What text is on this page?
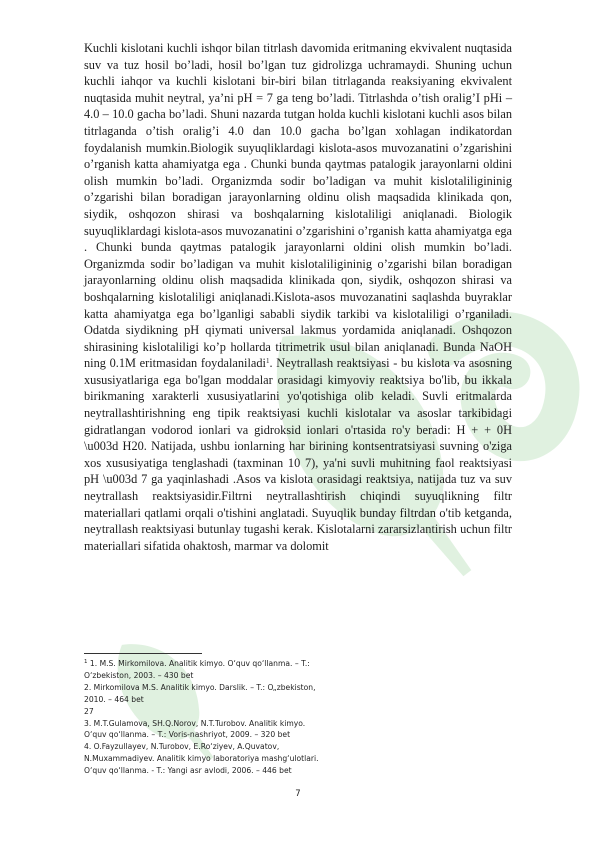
Kuchli kislotani kuchli ishqor bilan titrlash davomida eritmaning ekvivalent nuqtasida suv va tuz hosil bo’ladi, hosil bo’lgan tuz gidrolizga uchramaydi. Shuning uchun kuchli iahqor va kuchli kislotani bir-biri bilan titrlaganda reaksiyaning ekvivalent nuqtasida muhit neytral, ya’ni pH = 7 ga teng bo’ladi. Titrlashda o’tish oralig’I pHi – 4.0 – 10.0 gacha bo’ladi. Shuni nazarda tutgan holda kuchli kislotani kuchli asos bilan titrlaganda o’tish oralig’i 4.0 dan 10.0 gacha bo’lgan xohlagan indikatordan foydalanish mumkin.Biologik suyuqliklardagi kislota-asos muvozanatini o’zgarishini o’rganish katta ahamiyatga ega . Chunki bunda qaytmas patalogik jarayonlarni oldini olish mumkin bo’ladi. Organizmda sodir bo’ladigan va muhit kislotaliligininig o’zgarishi bilan boradigan jarayonlarning oldinu olish maqsadida klinikada qon, siydik, oshqozon shirasi va boshqalarning kislotaliligi aniqlanadi. Biologik suyuqliklardagi kislota-asos muvozanatini o’zgarishini o’rganish katta ahamiyatga ega . Chunki bunda qaytmas patalogik jarayonlarni oldini olish mumkin bo’ladi. Organizmda sodir bo’ladigan va muhit kislotaliligininig o’zgarishi bilan boradigan jarayonlarning oldinu olish maqsadida klinikada qon, siydik, oshqozon shirasi va boshqalarning kislotaliligi aniqlanadi.Kislota-asos muvozanatini saqlashda buyraklar katta ahamiyatga ega bo’lganligi sababli siydik tarkibi va kislotaliligi o’rganiladi. Odatda siydikning pH qiymati universal lakmus yordamida aniqlanadi. Oshqozon shirasining kislotaliligi ko’p hollarda titrimetrik usul bilan aniqlanadi. Bunda NaOH ning 0.1M eritmasidan foydalaniladi$^1$. Neytrallash reaktsiyasi - bu kislota va asosning xususiyatlariga ega bo'lgan moddalar orasidagi kimyoviy reaktsiya bo'lib, bu ikkala birikmaning xarakterli xususiyatlarini yo'qotishiga olib keladi. Suvli eritmalarda neytrallashtirishning eng tipik reaktsiyasi kuchli kislotalar va asoslar tarkibidagi gidratlangan vodorod ionlari va gidroksid ionlari o'rtasida ro'y beradi: H + + 0H \u003d H20. Natijada, ushbu ionlarning har birining kontsentratsiyasi suvning o'ziga xos xususiyatiga tenglashadi (taxminan 10 7), ya'ni suvli muhitning faol reaktsiyasi pH \u003d 7 ga yaqinlashadi .Asos va kislota orasidagi reaktsiya, natijada tuz va suv neytrallash reaktsiyasidir.Filtrni neytrallashtirish chiqindi suyuqlikning filtr materiallari qatlami orqali o'tishini anglatadi. Suyuqlik bunday filtrdan o'tib ketganda, neytrallash reaktsiyasi butunlay tugashi kerak. Kislotalarni zararsizlantirish uchun filtr materiallari sifatida ohaktosh, marmar va dolomit

$^1$ 1. M.S. Mirkomilova. Analitik kimyo. O‘quv qo‘llanma. – T.:
O‘zbekiston, 2003. – 430 bet
2. Mirkomilova M.S. Analitik kimyo. Darslik. – T.: O„zbekiston,
2010. – 464 bet
27
3. M.T.Gulamova, SH.Q.Norov, N.T.Turobov. Analitik kimyo.
O‘quv qo‘llanma. – T.: Voris-nashriyot, 2009. – 320 bet
4. O.Fayzullayev, N.Turobov, E.Ro‘ziyev, A.Quvatov,
N.Muxammadiyev. Analitik kimyo laboratoriya mashg‘ulotlari.
O‘quv qo‘llanma. - T.: Yangi asr avlodi, 2006. – 446 bet
7
